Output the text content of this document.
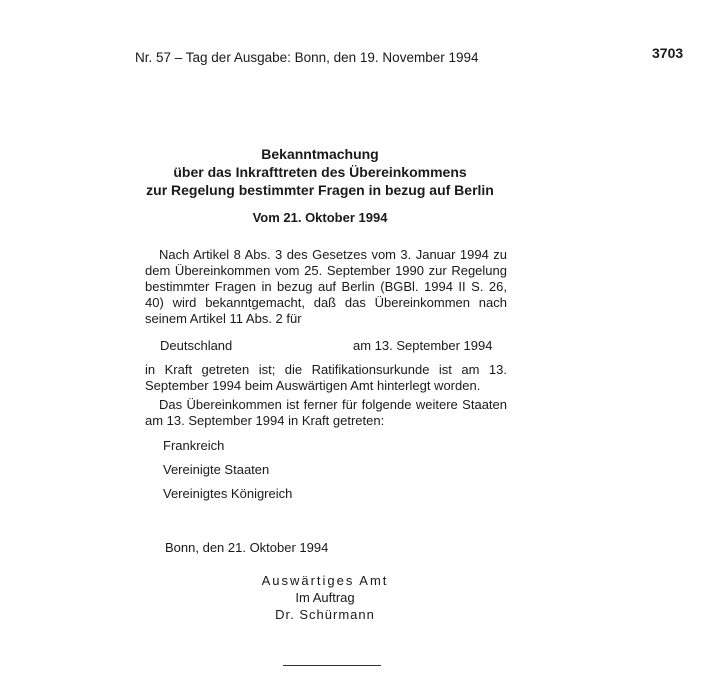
Nr. 57 – Tag der Ausgabe: Bonn, den 19. November 1994	3703
Bekanntmachung
über das Inkrafttreten des Übereinkommens
zur Regelung bestimmter Fragen in bezug auf Berlin
Vom 21. Oktober 1994
Nach Artikel 8 Abs. 3 des Gesetzes vom 3. Januar 1994 zu dem Übereinkommen vom 25. September 1990 zur Regelung bestimmter Fragen in bezug auf Berlin (BGBl. 1994 II S. 26, 40) wird bekanntgemacht, daß das Übereinkommen nach seinem Artikel 11 Abs. 2 für
Deutschland	am 13. September 1994
in Kraft getreten ist; die Ratifikationsurkunde ist am 13. September 1994 beim Auswärtigen Amt hinterlegt worden.
Das Übereinkommen ist ferner für folgende weitere Staaten am 13. September 1994 in Kraft getreten:
Frankreich
Vereinigte Staaten
Vereinigtes Königreich
Bonn, den 21. Oktober 1994
Auswärtiges Amt
Im Auftrag
Dr. Schürmann
